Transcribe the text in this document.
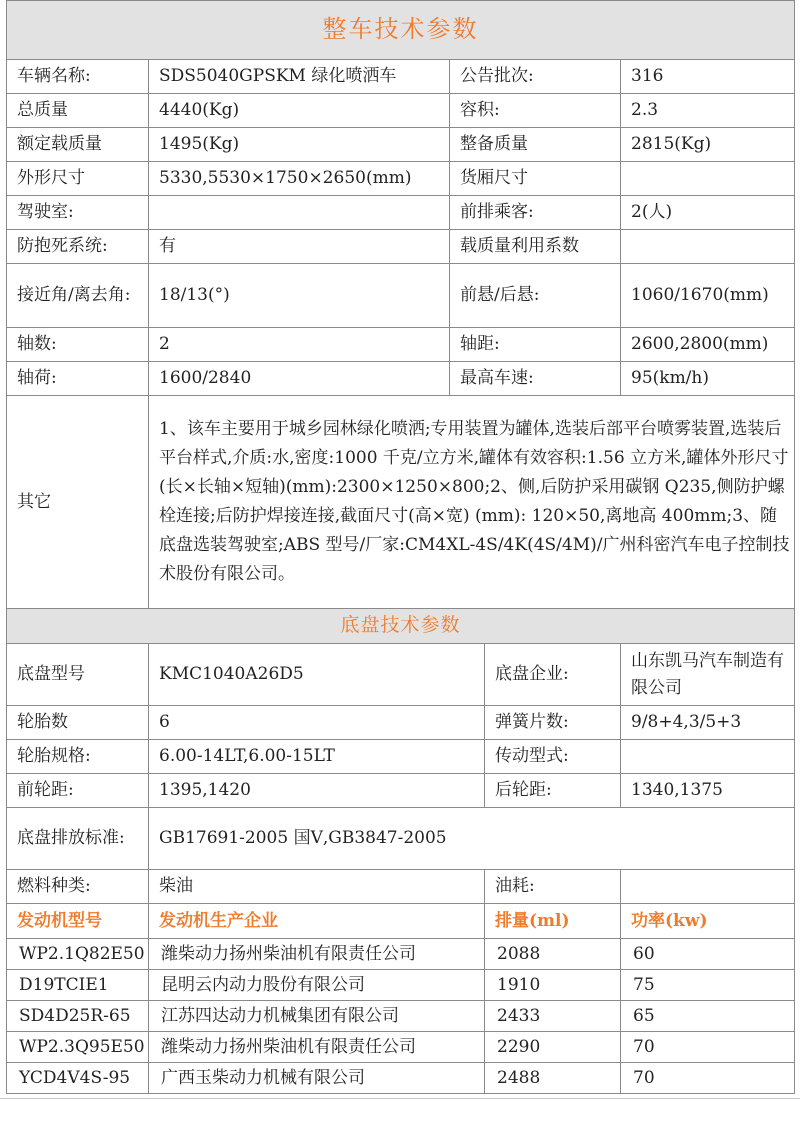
整车技术参数			
车辆名称:	SDS5040GPSKM 绿化喷洒车	公告批次:	316
总质量	4440(Kg)	容积:	2.3
额定载质量	1495(Kg)	整备质量	2815(Kg)
外形尺寸	5330,5530×1750×2650(mm)	货厢尺寸	
驾驶室:		前排乘客:	2(人)
防抱死系统:	有	载质量利用系数	
接近角/离去角:	18/13(°)	前悬/后悬:	1060/1670(mm)
轴数:	2	轴距:	2600,2800(mm)
轴荷:	1600/2840	最高车速:	95(km/h)
其它	1、该车主要用于城乡园林绿化喷洒;专用装置为罐体,选装后部平台喷雾装置,选装后平台样式,介质:水,密度:1000 千克/立方米,罐体有效容积:1.56 立方米,罐体外形尺寸(长×长轴×短轴)(mm):2300×1250×800;2、侧,后防护采用碳钢 Q235,侧防护螺栓连接;后防护焊接连接,截面尺寸(高×宽) (mm): 120×50,离地高 400mm;3、随底盘选装驾驶室;ABS 型号/厂家:CM4XL-4S/4K(4S/4M)/广州科密汽车电子控制技术股份有限公司。		
底盘技术参数			
底盘型号	KMC1040A26D5	底盘企业:	山东凯马汽车制造有限公司
轮胎数	6	弹簧片数:	9/8+4,3/5+3
轮胎规格:	6.00-14LT,6.00-15LT	传动型式:	
前轮距:	1395,1420	后轮距:	1340,1375
底盘排放标准:	GB17691-2005 国Ⅴ,GB3847-2005		
燃料种类:	柴油	油耗:	
发动机型号	发动机生产企业	排量(ml)	功率(kw)
WP2.1Q82E50	潍柴动力扬州柴油机有限责任公司	2088	60
D19TCIE1	昆明云内动力股份有限公司	1910	75
SD4D25R-65	江苏四达动力机械集团有限公司	2433	65
WP2.3Q95E50	潍柴动力扬州柴油机有限责任公司	2290	70
YCD4V4S-95	广西玉柴动力机械有限公司	2488	70
